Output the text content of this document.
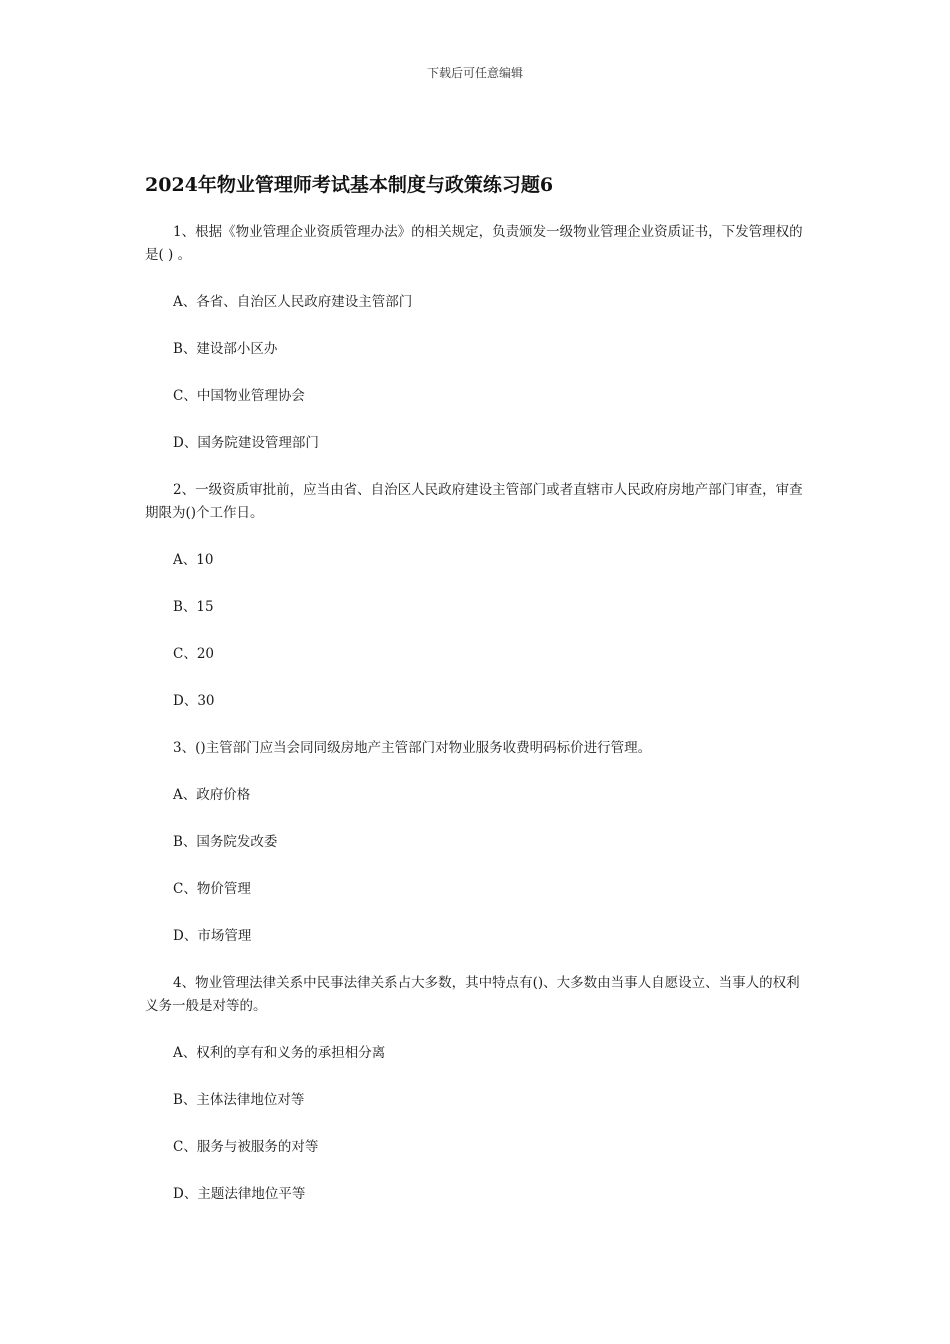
下载后可任意编辑
2024年物业管理师考试基本制度与政策练习题6

1、根据《物业管理企业资质管理办法》的相关规定，负责颁发一级物业管理企业资质证书，下发管理权的是( ) 。

A、各省、自治区人民政府建设主管部门

B、建设部小区办

C、中国物业管理协会

D、国务院建设管理部门

2、一级资质审批前，应当由省、自治区人民政府建设主管部门或者直辖市人民政府房地产部门审查，审查期限为()个工作日。

A、10

B、15

C、20

D、30

3、()主管部门应当会同同级房地产主管部门对物业服务收费明码标价进行管理。

A、政府价格

B、国务院发改委

C、物价管理

D、市场管理

4、物业管理法律关系中民事法律关系占大多数，其中特点有()、大多数由当事人自愿设立、当事人的权利义务一般是对等的。

A、权利的享有和义务的承担相分离

B、主体法律地位对等

C、服务与被服务的对等

D、主题法律地位平等
